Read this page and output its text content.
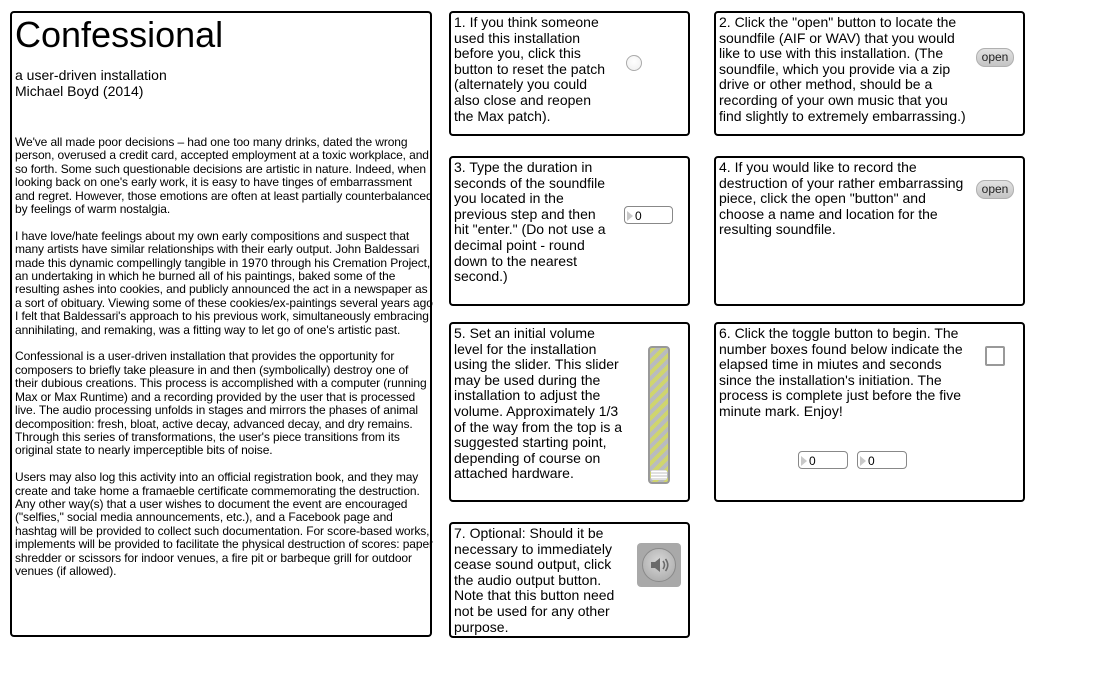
Confessional
a user-driven installation
Michael Boyd (2014)

We've all made poor decisions – had one too many drinks, dated the wrong person, overused a credit card, accepted employment at a toxic workplace, and so forth. Some such questionable decisions are artistic in nature. Indeed, when looking back on one's early work, it is easy to have tinges of embarrassment and regret. However, those emotions are often at least partially counterbalanced by feelings of warm nostalgia.

I have love/hate feelings about my own early compositions and suspect that many artists have similar relationships with their early output. John Baldessari made this dynamic compellingly tangible in 1970 through his Cremation Project, an undertaking in which he burned all of his paintings, baked some of the resulting ashes into cookies, and publicly announced the act in a newspaper as a sort of obituary. Viewing some of these cookies/ex-paintings several years ago I felt that Baldessari's approach to his previous work, simultaneously embracing, annihilating, and remaking, was a fitting way to let go of one's artistic past.

Confessional is a user-driven installation that provides the opportunity for composers to briefly take pleasure in and then (symbolically) destroy one of their dubious creations. This process is accomplished with a computer (running Max or Max Runtime) and a recording provided by the user that is processed live. The audio processing unfolds in stages and mirrors the phases of animal decomposition: fresh, bloat, active decay, advanced decay, and dry remains. Through this series of transformations, the user's piece transitions from its original state to nearly imperceptible bits of noise.

Users may also log this activity into an official registration book, and they may create and take home a framaeble certificate commemorating the destruction. Any other way(s) that a user wishes to document the event are encouraged ("selfies," social media announcements, etc.), and a Facebook page and hashtag will be provided to collect such documentation. For score-based works, implements will be provided to facilitate the physical destruction of scores: paper shredder or scissors for indoor venues, a fire pit or barbeque grill for outdoor venues (if allowed).

1. If you think someone
used this installation
before you, click this
button to reset the patch
(alternately you could
also close and reopen
the Max patch).
2. Click the "open" button to locate the
soundfile (AIF or WAV) that you would
like to use with this installation. (The
soundfile, which you provide via a zip
drive or other method, should be a
recording of your own music that you
find slightly to extremely embarrassing.)
open
3. Type the duration in
seconds of the soundfile
you located in the
previous step and then
hit "enter." (Do not use a
decimal point - round
down to the nearest
second.)
0
4. If you would like to record the
destruction of your rather embarrassing
piece, click the open "button" and
choose a name and location for the
resulting soundfile.
open
5. Set an initial volume
level for the installation
using the slider. This slider
may be used during the
installation to adjust the
volume. Approximately 1/3
of the way from the top is a
suggested starting point,
depending of course on
attached hardware.
6. Click the toggle button to begin. The
number boxes found below indicate the
elapsed time in miutes and seconds
since the installation's initiation. The
process is complete just before the five
minute mark. Enjoy!
0	0
7. Optional: Should it be
necessary to immediately
cease sound output, click
the audio output button.
Note that this button need
not be used for any other
purpose.
